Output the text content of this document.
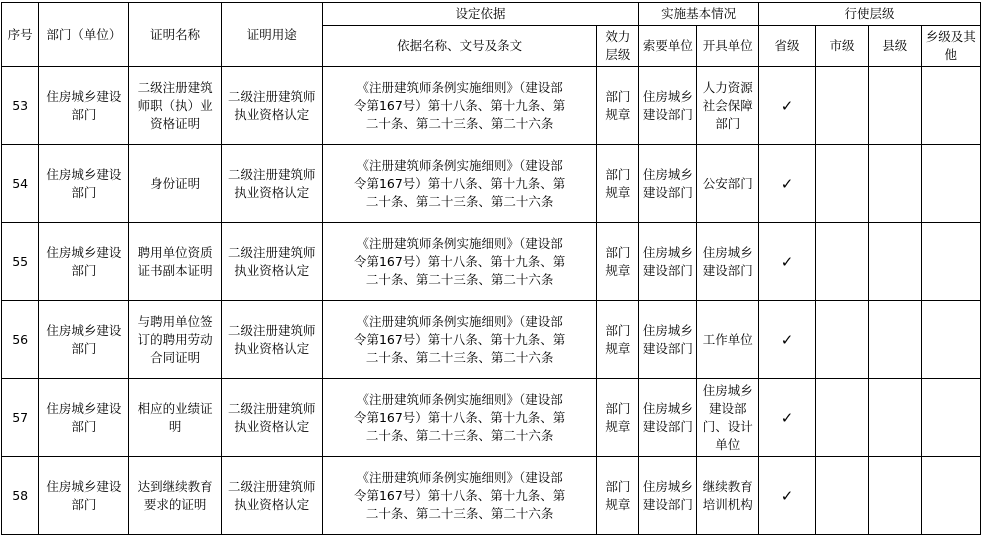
序号	部门（单位）	证明名称	证明用途	设定依据		实施基本情况		行使层级			
				依据名称、文号及条文	效力层级	索要单位	开具单位	省级	市级	县级	乡级及其他
53	住房城乡建设部门	二级注册建筑师职（执）业资格证明	二级注册建筑师执业资格认定	《注册建筑师条例实施细则》（建设部
令第167号）第十八条、第十九条、第
二十条、第二十三条、第二十六条	部门规章	住房城乡建设部门	人力资源社会保障部门	✓			
54	住房城乡建设部门	身份证明	二级注册建筑师执业资格认定	《注册建筑师条例实施细则》（建设部
令第167号）第十八条、第十九条、第
二十条、第二十三条、第二十六条	部门规章	住房城乡建设部门	公安部门	✓			
55	住房城乡建设部门	聘用单位资质证书副本证明	二级注册建筑师执业资格认定	《注册建筑师条例实施细则》（建设部
令第167号）第十八条、第十九条、第
二十条、第二十三条、第二十六条	部门规章	住房城乡建设部门	住房城乡建设部门	✓			
56	住房城乡建设部门	与聘用单位签订的聘用劳动合同证明	二级注册建筑师执业资格认定	《注册建筑师条例实施细则》（建设部
令第167号）第十八条、第十九条、第
二十条、第二十三条、第二十六条	部门规章	住房城乡建设部门	工作单位	✓			
57	住房城乡建设部门	相应的业绩证明	二级注册建筑师执业资格认定	《注册建筑师条例实施细则》（建设部
令第167号）第十八条、第十九条、第
二十条、第二十三条、第二十六条	部门规章	住房城乡建设部门	住房城乡建设部门、设计单位	✓			
58	住房城乡建设部门	达到继续教育要求的证明	二级注册建筑师执业资格认定	《注册建筑师条例实施细则》（建设部
令第167号）第十八条、第十九条、第
二十条、第二十三条、第二十六条	部门规章	住房城乡建设部门	继续教育培训机构	✓			
